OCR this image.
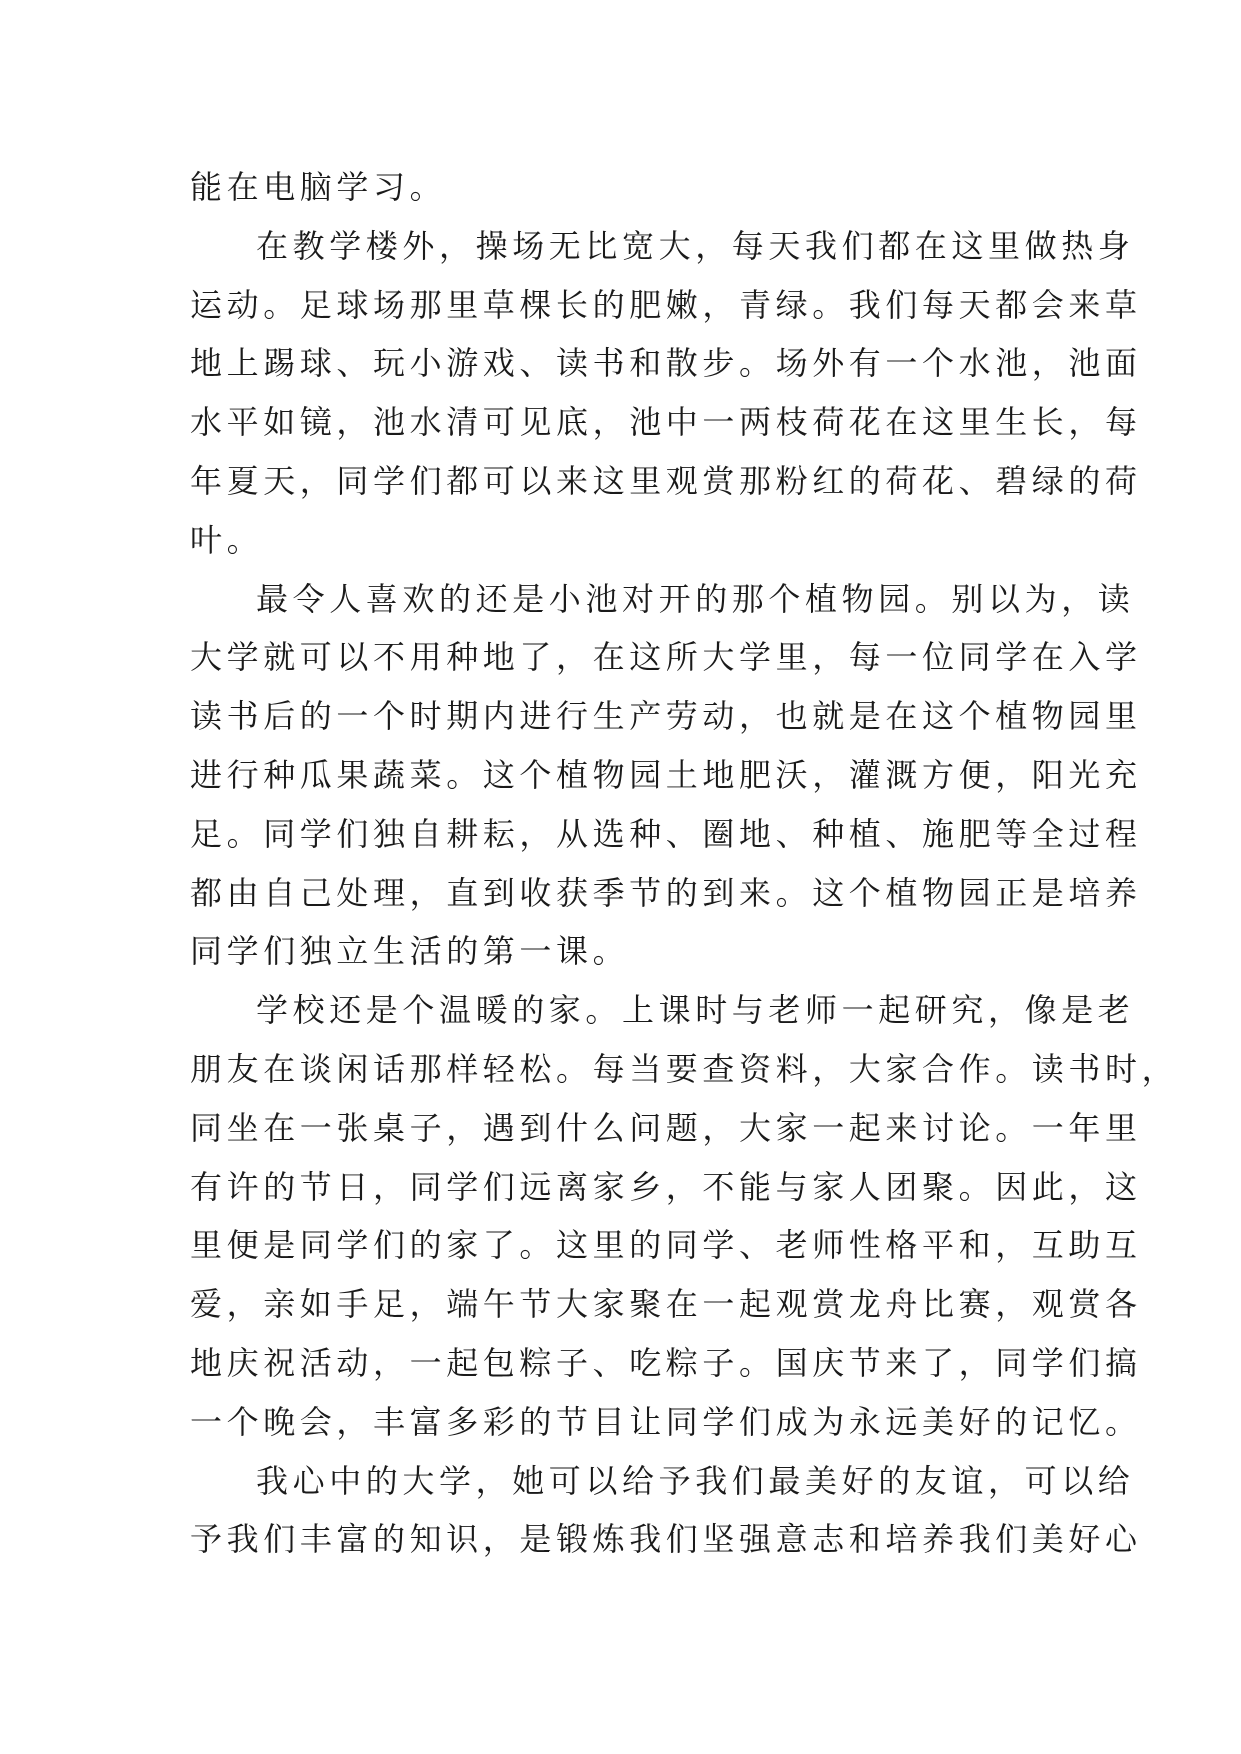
能在电脑学习。
在教学楼外，操场无比宽大，每天我们都在这里做热身
运动。足球场那里草棵长的肥嫩，青绿。我们每天都会来草
地上踢球、玩小游戏、读书和散步。场外有一个水池，池面
水平如镜，池水清可见底，池中一两枝荷花在这里生长，每
年夏天，同学们都可以来这里观赏那粉红的荷花、碧绿的荷
叶。
最令人喜欢的还是小池对开的那个植物园。别以为，读
大学就可以不用种地了，在这所大学里，每一位同学在入学
读书后的一个时期内进行生产劳动，也就是在这个植物园里
进行种瓜果蔬菜。这个植物园土地肥沃，灌溉方便，阳光充
足。同学们独自耕耘，从选种、圈地、种植、施肥等全过程
都由自己处理，直到收获季节的到来。这个植物园正是培养
同学们独立生活的第一课。
学校还是个温暖的家。上课时与老师一起研究，像是老
朋友在谈闲话那样轻松。每当要查资料，大家合作。读书时，
同坐在一张桌子，遇到什么问题，大家一起来讨论。一年里
有许的节日，同学们远离家乡，不能与家人团聚。因此，这
里便是同学们的家了。这里的同学、老师性格平和，互助互
爱，亲如手足，端午节大家聚在一起观赏龙舟比赛，观赏各
地庆祝活动，一起包粽子、吃粽子。国庆节来了，同学们搞
一个晚会，丰富多彩的节目让同学们成为永远美好的记忆。
我心中的大学，她可以给予我们最美好的友谊，可以给
予我们丰富的知识，是锻炼我们坚强意志和培养我们美好心
